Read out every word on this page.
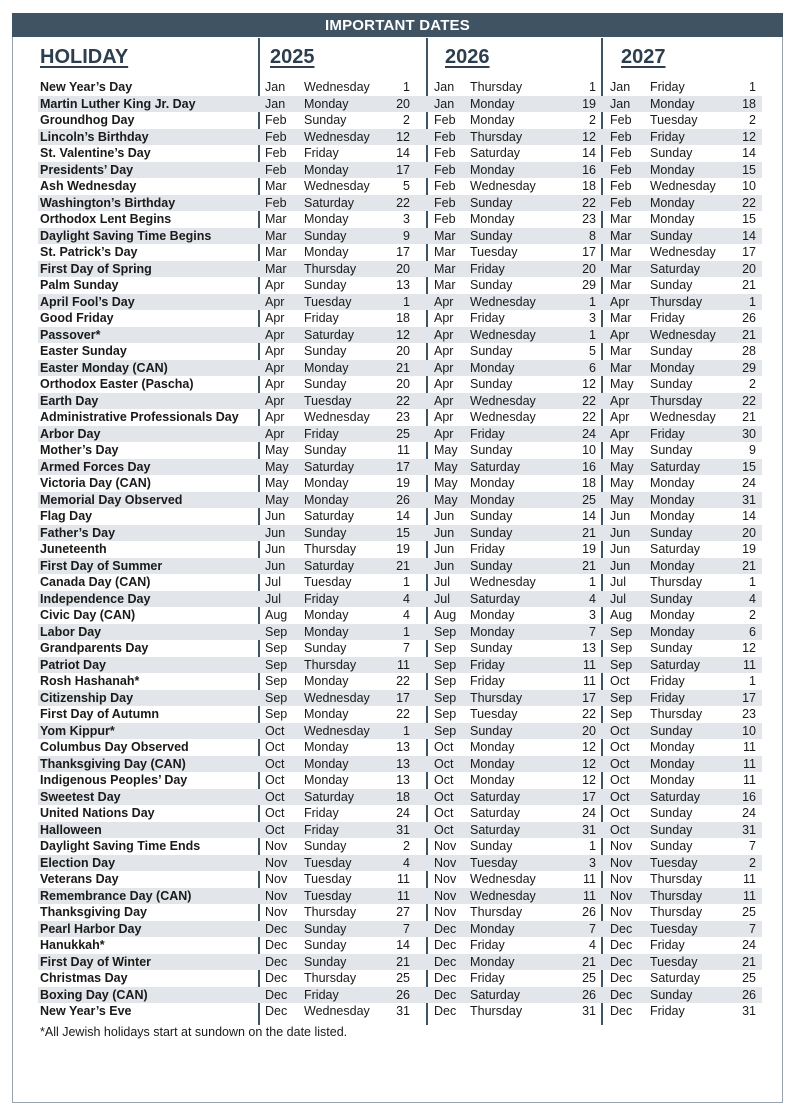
IMPORTANT DATES
HOLIDAY	2025	2026	2027
New Year’s Day	Jan Wednesday	1 Jan Thursday	1 Jan Friday	1
Martin Luther King Jr. Day	Jan Monday	20 Jan Monday	19 Jan Monday	18
Groundhog Day	Feb Sunday	2 Feb Monday	2 Feb Tuesday	2
Lincoln’s Birthday	Feb Wednesday	12 Feb Thursday	12 Feb Friday	12
St. Valentine’s Day	Feb Friday	14 Feb Saturday	14 Feb Sunday	14
Presidents’ Day	Feb Monday	17 Feb Monday	16 Feb Monday	15
Ash Wednesday	Mar Wednesday	5 Feb Wednesday	18 Feb Wednesday	10
Washington’s Birthday	Feb Saturday	22 Feb Sunday	22 Feb Monday	22
Orthodox Lent Begins	Mar Monday	3 Feb Monday	23 Mar Monday	15
Daylight Saving Time Begins	Mar Sunday	9 Mar Sunday	8 Mar Sunday	14
St. Patrick’s Day	Mar Monday	17 Mar Tuesday	17 Mar Wednesday	17
First Day of Spring	Mar Thursday	20 Mar Friday	20 Mar Saturday	20
Palm Sunday	Apr Sunday	13 Mar Sunday	29 Mar Sunday	21
April Fool’s Day	Apr Tuesday	1 Apr Wednesday	1 Apr Thursday	1
Good Friday	Apr Friday	18 Apr Friday	3 Mar Friday	26
Passover*	Apr Saturday	12 Apr Wednesday	1 Apr Wednesday	21
Easter Sunday	Apr Sunday	20 Apr Sunday	5 Mar Sunday	28
Easter Monday (CAN)	Apr Monday	21 Apr Monday	6 Mar Monday	29
Orthodox Easter (Pascha)	Apr Sunday	20 Apr Sunday	12 May Sunday	2
Earth Day	Apr Tuesday	22 Apr Wednesday	22 Apr Thursday	22
Administrative Professionals Day Apr Wednesday	23 Apr Wednesday	22 Apr Wednesday	21
Arbor Day	Apr Friday	25 Apr Friday	24 Apr Friday	30
Mother’s Day	May Sunday	11 May Sunday	10 May Sunday	9
Armed Forces Day	May Saturday	17 May Saturday	16 May Saturday	15
Victoria Day (CAN)	May Monday	19 May Monday	18 May Monday	24
Memorial Day Observed	May Monday	26 May Monday	25 May Monday	31
Flag Day	Jun Saturday	14 Jun Sunday	14 Jun Monday	14
Father’s Day	Jun Sunday	15 Jun Sunday	21 Jun Sunday	20
Juneteenth	Jun Thursday	19 Jun Friday	19 Jun Saturday	19
First Day of Summer	Jun Saturday	21 Jun Sunday	21 Jun Monday	21
Canada Day (CAN)	Jul Tuesday	1 Jul Wednesday	1 Jul Thursday	1
Independence Day	Jul Friday	4 Jul Saturday	4 Jul Sunday	4
Civic Day (CAN)	Aug Monday	4 Aug Monday	3 Aug Monday	2
Labor Day	Sep Monday	1 Sep Monday	7 Sep Monday	6
Grandparents Day	Sep Sunday	7 Sep Sunday	13 Sep Sunday	12
Patriot Day	Sep Thursday	11 Sep Friday	11 Sep Saturday	11
Rosh Hashanah*	Sep Monday	22 Sep Friday	11 Oct Friday	1
Citizenship Day	Sep Wednesday	17 Sep Thursday	17 Sep Friday	17
First Day of Autumn	Sep Monday	22 Sep Tuesday	22 Sep Thursday	23
Yom Kippur*	Oct Wednesday	1 Sep Sunday	20 Oct Sunday	10
Columbus Day Observed	Oct Monday	13 Oct Monday	12 Oct Monday	11
Thanksgiving Day (CAN)	Oct Monday	13 Oct Monday	12 Oct Monday	11
Indigenous Peoples’ Day	Oct Monday	13 Oct Monday	12 Oct Monday	11
Sweetest Day	Oct Saturday	18 Oct Saturday	17 Oct Saturday	16
United Nations Day	Oct Friday	24 Oct Saturday	24 Oct Sunday	24
Halloween	Oct Friday	31 Oct Saturday	31 Oct Sunday	31
Daylight Saving Time Ends	Nov Sunday	2 Nov Sunday	1 Nov Sunday	7
Election Day	Nov Tuesday	4 Nov Tuesday	3 Nov Tuesday	2
Veterans Day	Nov Tuesday	11 Nov Wednesday	11 Nov Thursday	11
Remembrance Day (CAN)	Nov Tuesday	11 Nov Wednesday	11 Nov Thursday	11
Thanksgiving Day	Nov Thursday	27 Nov Thursday	26 Nov Thursday	25
Pearl Harbor Day	Dec Sunday	7 Dec Monday	7 Dec Tuesday	7
Hanukkah*	Dec Sunday	14 Dec Friday	4 Dec Friday	24
First Day of Winter	Dec Sunday	21 Dec Monday	21 Dec Tuesday	21
Christmas Day	Dec Thursday	25 Dec Friday	25 Dec Saturday	25
Boxing Day (CAN)	Dec Friday	26 Dec Saturday	26 Dec Sunday	26
New Year’s Eve	Dec Wednesday	31 Dec Thursday	31 Dec Friday	31
*All Jewish holidays start at sundown on the date listed.
